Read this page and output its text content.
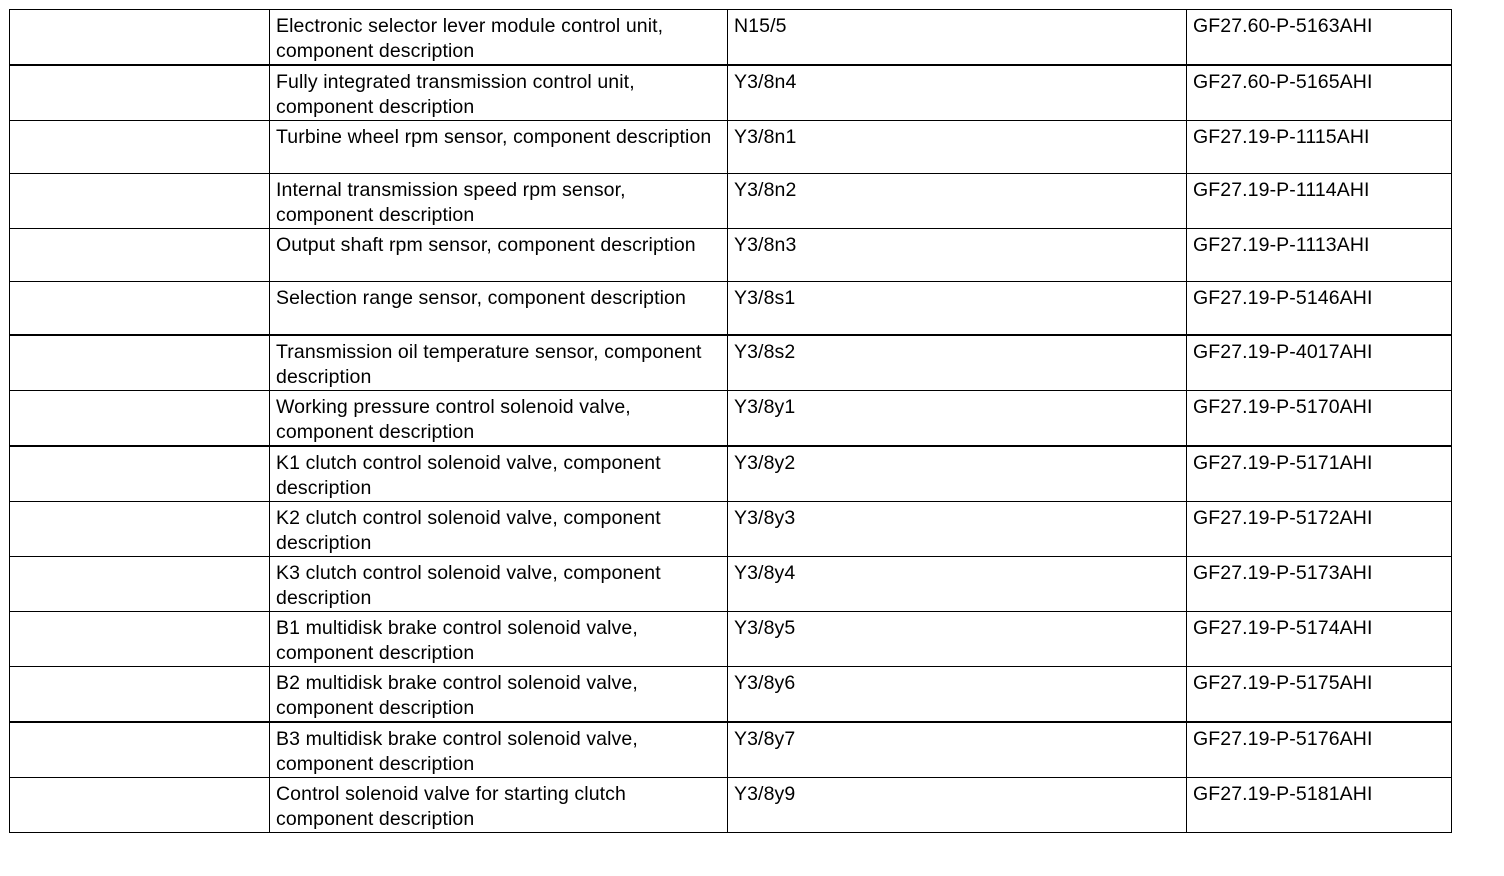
	Electronic selector lever module control unit, component description	N15/5	GF27.60-P-5163AHI
	Fully integrated transmission control unit, component description	Y3/8n4	GF27.60-P-5165AHI
	Turbine wheel rpm sensor, component description	Y3/8n1	GF27.19-P-1115AHI
	Internal transmission speed rpm sensor, component description	Y3/8n2	GF27.19-P-1114AHI
	Output shaft rpm sensor, component description	Y3/8n3	GF27.19-P-1113AHI
	Selection range sensor, component description	Y3/8s1	GF27.19-P-5146AHI
	Transmission oil temperature sensor, component description	Y3/8s2	GF27.19-P-4017AHI
	Working pressure control solenoid valve, component description	Y3/8y1	GF27.19-P-5170AHI
	K1 clutch control solenoid valve, component description	Y3/8y2	GF27.19-P-5171AHI
	K2 clutch control solenoid valve, component description	Y3/8y3	GF27.19-P-5172AHI
	K3 clutch control solenoid valve, component description	Y3/8y4	GF27.19-P-5173AHI
	B1 multidisk brake control solenoid valve, component description	Y3/8y5	GF27.19-P-5174AHI
	B2 multidisk brake control solenoid valve, component description	Y3/8y6	GF27.19-P-5175AHI
	B3 multidisk brake control solenoid valve, component description	Y3/8y7	GF27.19-P-5176AHI
	Control solenoid valve for starting clutch component description	Y3/8y9	GF27.19-P-5181AHI
